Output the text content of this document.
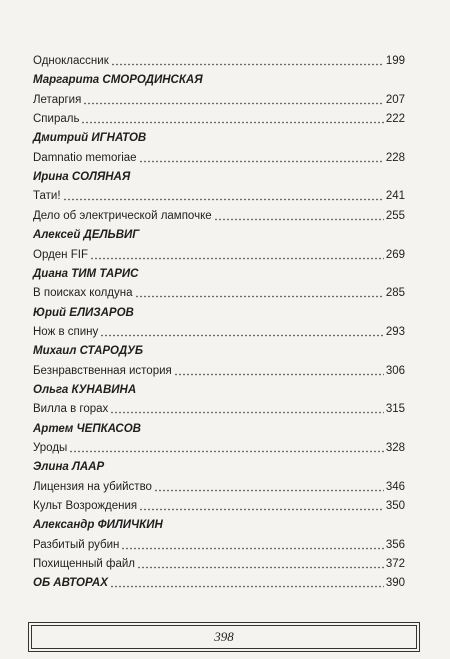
Одноклассник	199
Маргарита СМОРОДИНСКАЯ
Летаргия	207
Спираль	222
Дмитрий ИГНАТОВ
Damnatio memoriae	228
Ирина СОЛЯНАЯ
Тати!	241
Дело об электрической лампочке	255
Алексей ДЕЛЬВИГ
Орден FIF	269
Диана ТИМ ТАРИС
В поисках колдуна	285
Юрий ЕЛИЗАРОВ
Нож в спину	293
Михаил СТАРОДУБ
Безнравственная история	306
Ольга КУНАВИНА
Вилла в горах	315
Артем ЧЕПКАСОВ
Уроды	328
Элина ЛААР
Лицензия на убийство	346
Культ Возрождения	350
Александр ФИЛИЧКИН
Разбитый рубин	356
Похищенный файл	372
ОБ АВТОРАХ	390
398
